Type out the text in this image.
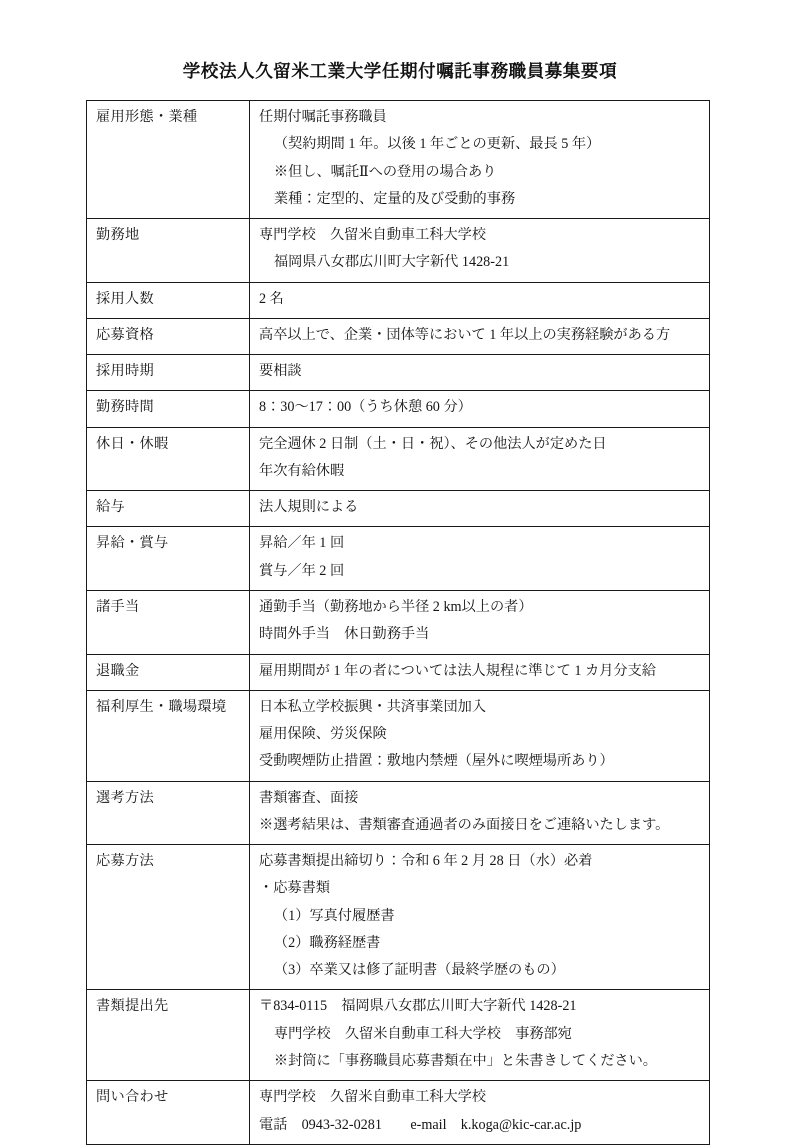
学校法人久留米工業大学任期付嘱託事務職員募集要項
雇用形態・業種	任期付嘱託事務職員
（契約期間 1 年。以後 1 年ごとの更新、最長 5 年）
※但し、嘱託Ⅱへの登用の場合あり
業種：定型的、定量的及び受動的事務

勤務地	専門学校　久留米自動車工科大学校
福岡県八女郡広川町大字新代 1428-21

採用人数	2 名

応募資格	高卒以上で、企業・団体等において 1 年以上の実務経験がある方

採用時期	要相談

勤務時間	8：30〜17：00（うち休憩 60 分）

休日・休暇	完全週休 2 日制（土・日・祝）、その他法人が定めた日
年次有給休暇

給与	法人規則による

昇給・賞与	昇給／年 1 回
賞与／年 2 回

諸手当	通勤手当（勤務地から半径 2 km以上の者）
時間外手当　休日勤務手当

退職金	雇用期間が 1 年の者については法人規程に準じて 1 カ月分支給

福利厚生・職場環境	日本私立学校振興・共済事業団加入
雇用保険、労災保険
受動喫煙防止措置：敷地内禁煙（屋外に喫煙場所あり）

選考方法	書類審査、面接
※選考結果は、書類審査通過者のみ面接日をご連絡いたします。

応募方法	応募書類提出締切り：令和 6 年 2 月 28 日（水）必着
・応募書類
（1）写真付履歴書
（2）職務経歴書
（3）卒業又は修了証明書（最終学歴のもの）

書類提出先	〒834-0115　福岡県八女郡広川町大字新代 1428-21
専門学校　久留米自動車工科大学校　事務部宛
※封筒に「事務職員応募書類在中」と朱書きしてください。

問い合わせ	専門学校　久留米自動車工科大学校
電話　0943-32-0281　　e-mail　k.koga@kic-car.ac.jp
